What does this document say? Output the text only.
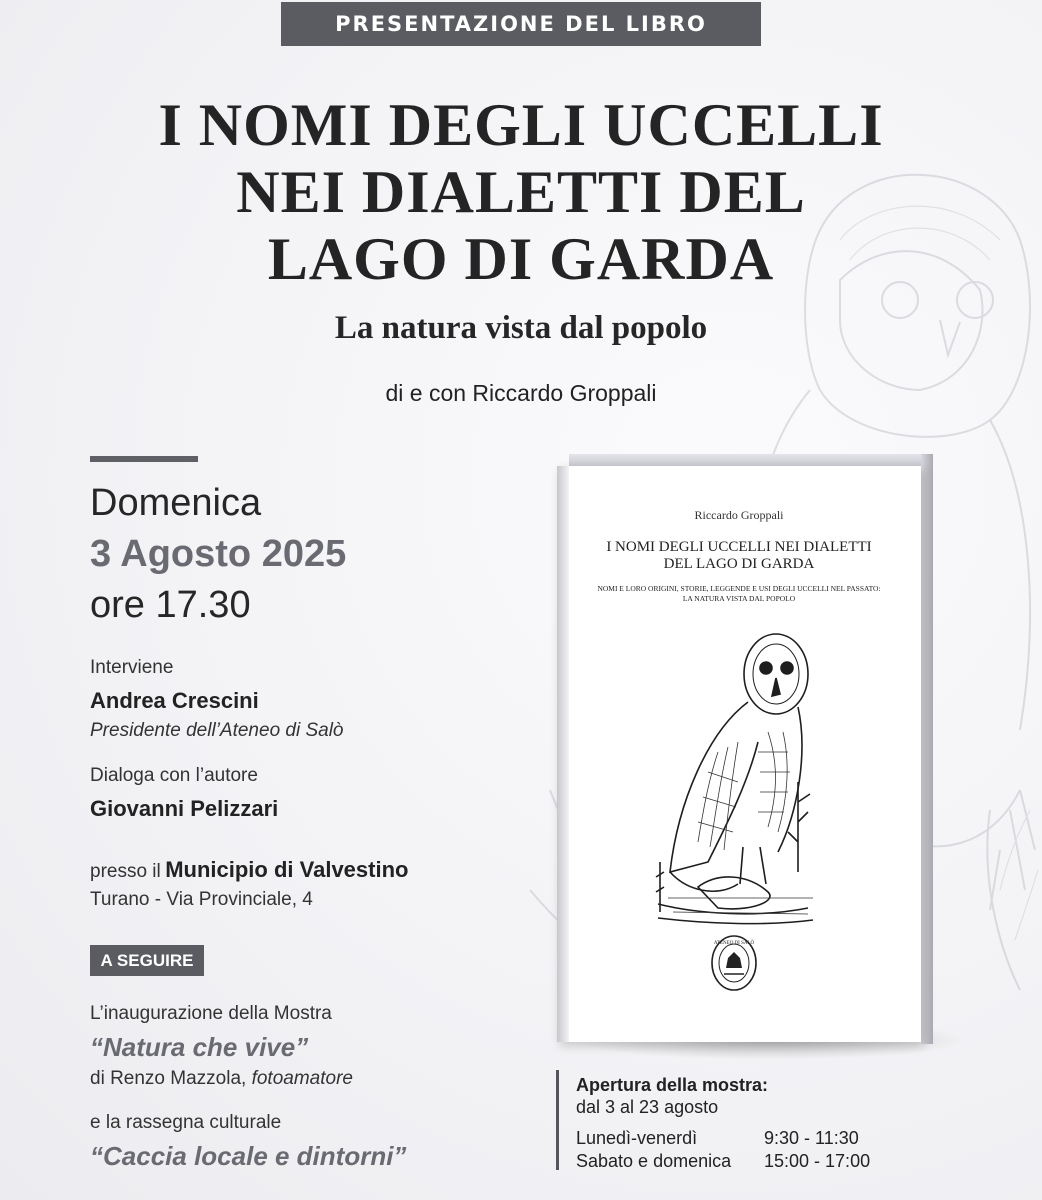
PRESENTAZIONE DEL LIBRO
I NOMI DEGLI UCCELLI
NEI DIALETTI DEL
LAGO DI GARDA
La natura vista dal popolo
di e con Riccardo Groppali
Domenica
3 Agosto 2025
ore 17.30
Interviene
Andrea Crescini
Presidente dell’Ateneo di Salò
Dialoga con l’autore
Giovanni Pelizzari
presso il Municipio di Valvestino
Turano - Via Provinciale, 4
A SEGUIRE
L’inaugurazione della Mostra
“Natura che vive”
di Renzo Mazzola, fotoamatore
e la rassegna culturale
“Caccia locale e dintorni”
Riccardo Groppali
I NOMI DEGLI UCCELLI NEI DIALETTI
DEL LAGO DI GARDA
NOMI E LORO ORIGINI, STORIE, LEGGENDE E USI DEGLI UCCELLI NEL PASSATO:
LA NATURA VISTA DAL POPOLO
ATENEO DI SALÒ
Apertura della mostra:
dal 3 al 23 agosto
Lunedì-venerdì	9:30 - 11:30
Sabato e domenica 15:00 - 17:00
